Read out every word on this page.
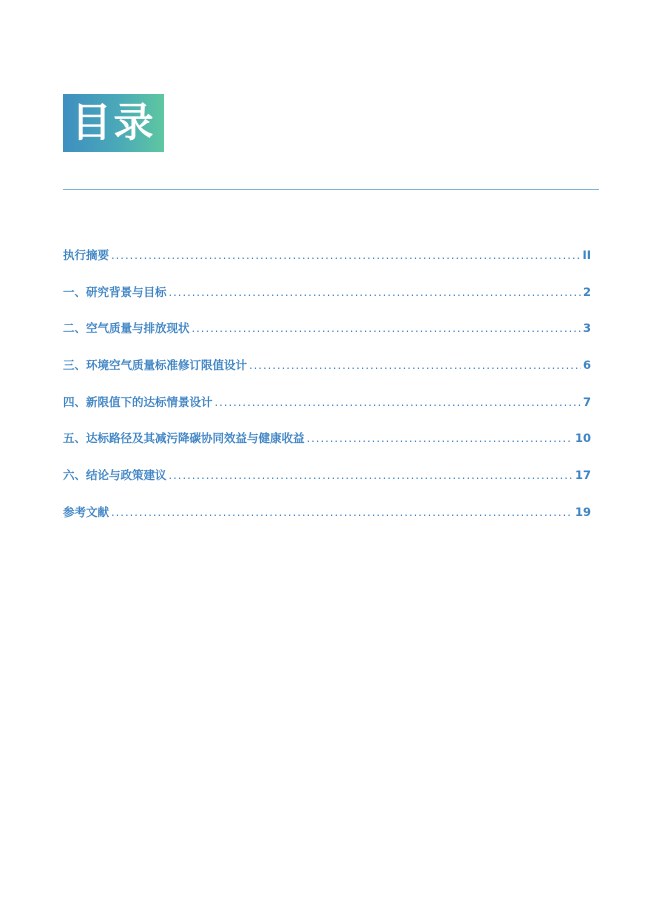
目录
执行摘要 .....	II
一、研究背景与目标 .....	2
二、空气质量与排放现状 .....	3
三、环境空气质量标准修订限值设计 .....	6
四、新限值下的达标情景设计 .....	7
五、达标路径及其减污降碳协同效益与健康收益 .....	10
六、结论与政策建议 .....	17
参考文献 .....	19
